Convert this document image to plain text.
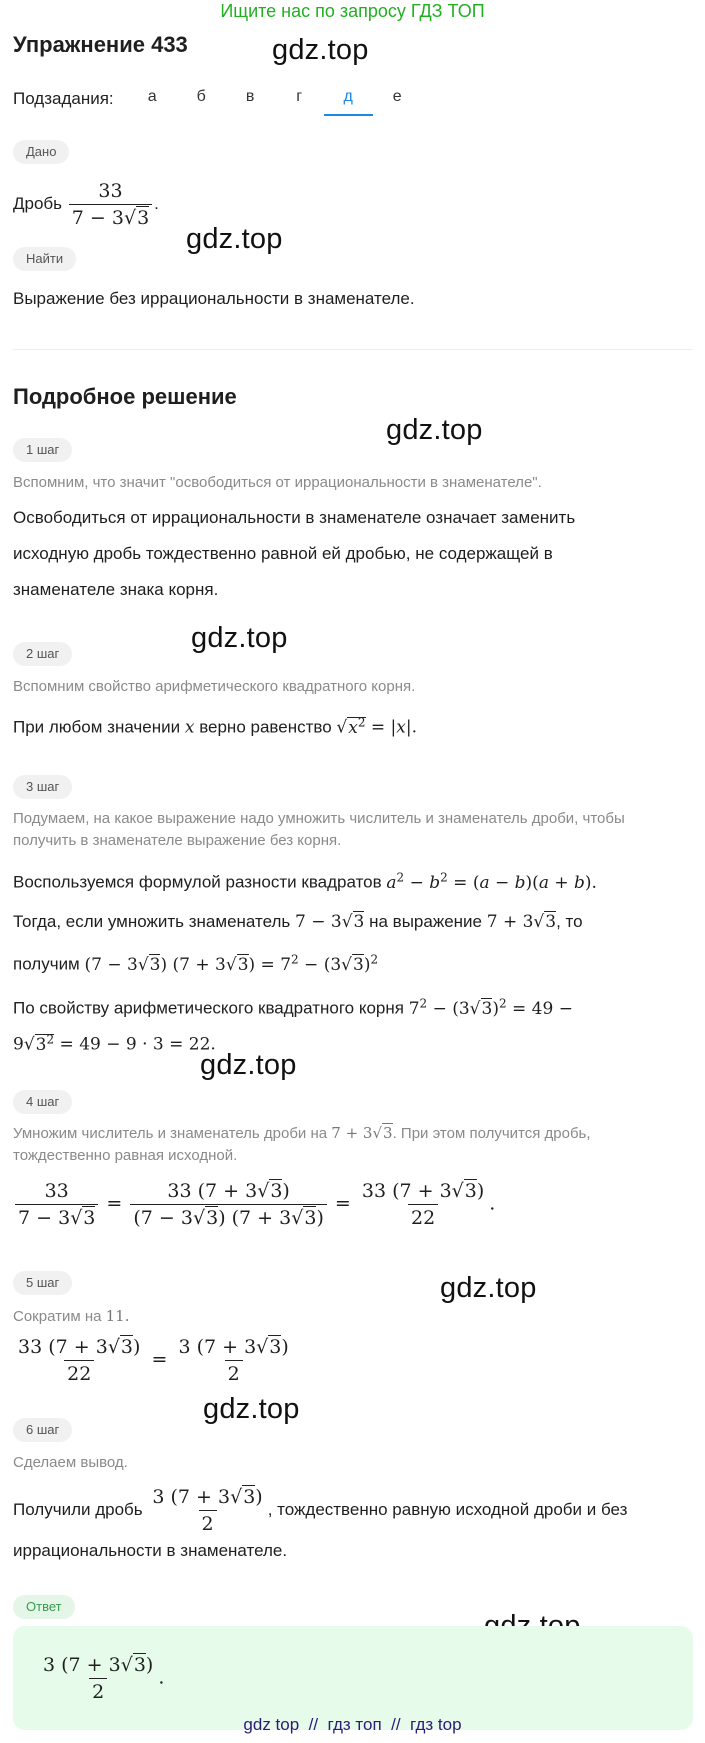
Ищите нас по запросу ГДЗ ТОП
Упражнение 433	gdz.top
gdz.top
gdz.top
gdz.top
gdz.top
gdz.top
gdz.top
Подзадания:	а	б	в	г	д	е
Дано
Дробь $\frac{33}{7 - 3√3}$ .
Найти
Выражение без иррациональности в знаменателе.
Подробное решение
1 шаг
Вспомним, что значит "освободиться от иррациональности в знаменателе".
Освободиться от иррациональности в знаменателе означает заменить исходную дробь тождественно равной ей дробью, не содержащей в знаменателе знака корня.
2 шаг
Вспомним свойство арифметического квадратного корня.
При любом значении x верно равенство $√x^2 = |x|$.
3 шаг
Подумаем, на какое выражение надо умножить числитель и знаменатель дроби, чтобы получить в знаменателе выражение без корня.
Воспользуемся формулой разности квадратов $a^2 - b^2 = (a - b)(a + b)$.
Тогда, если умножить знаменатель 7 − 3√3 на выражение 7 + 3√3, то
получим (7 − 3√3) $(7 + 3√3) = 7^2 - (3√3)^2$
По свойству арифметического квадратного корня $7^2 - (3√3)^2 = 49$ −
$9√3^2 = 49 - 9 \cdot 3 = 22$.
4 шаг
Умножим числитель и знаменатель дроби на 7 + 3√3. При этом получится дробь,
тождественно равная исходной.
$\frac{33}{7 - 3√3} = \frac{33 (7 + 3√3)}{(7 - 3√3) (7 + 3√3)} = \frac{33 (7 + 3√3)}{22}$ .
5 шаг
Сократим на 11.
$\frac{33 (7 + 3√3)}{22} = \frac{3 (7 + 3√3)}{2}$
6 шаг
Сделаем вывод.
Получили дробь $\frac{3 (7 + 3√3)}{2}$ , тождественно равную исходной дроби и без
иррациональности в знаменателе.
Ответ
$\frac{3 (7 + 3√3)}{2}$ .
gdz top // гдз топ // гдз top
